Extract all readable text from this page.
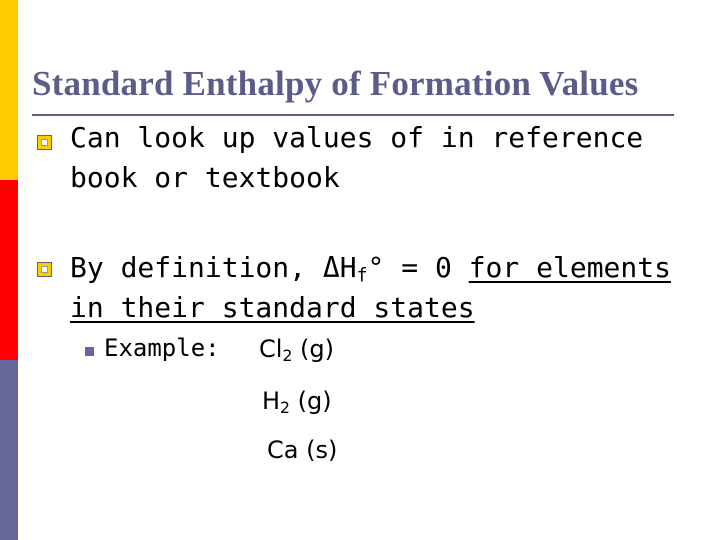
Standard Enthalpy of Formation Values
Can look up values of in reference
book or textbook
By definition, $\Delta H_f^\circ = 0$ for elements
in their standard states
Example: $Cl_2$ (g)
$H_2$ (g)
Ca (s)
